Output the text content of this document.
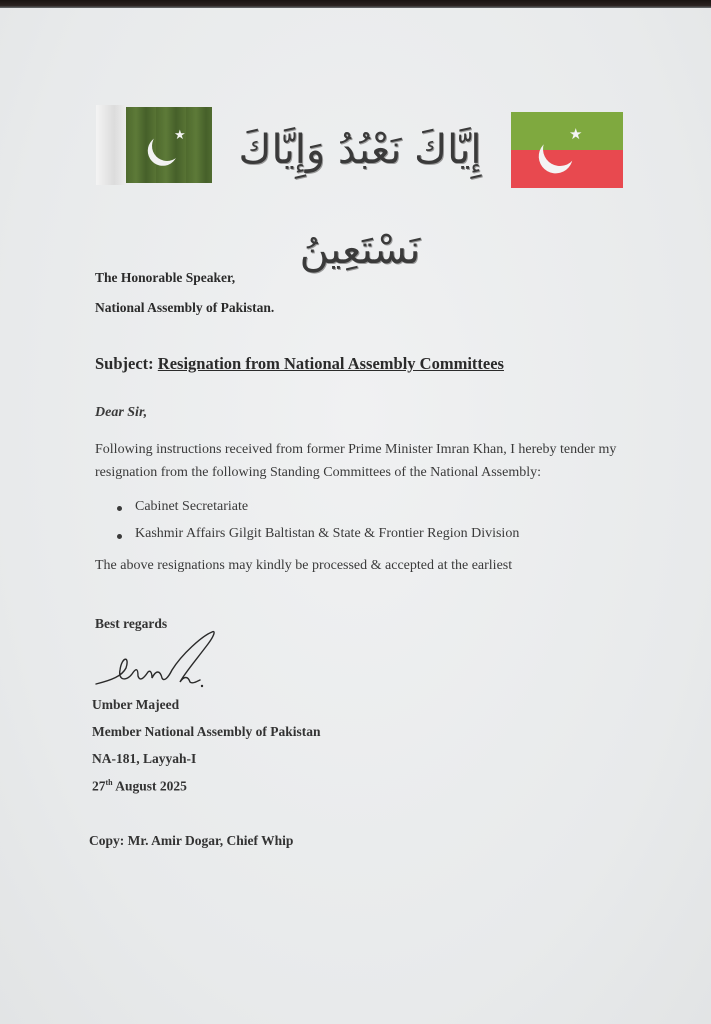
★	إِيَّاكَ نَعْبُدُ وَإِيَّاكَ نَسْتَعِينُ
★
The Honorable Speaker,
National Assembly of Pakistan.
Subject: Resignation from National Assembly Committees
Dear Sir,
Following instructions received from former Prime Minister Imran Khan, I hereby tender my
resignation from the following Standing Committees of the National Assembly:
Cabinet Secretariate
Kashmir Affairs Gilgit Baltistan & State & Frontier Region Division
The above resignations may kindly be processed & accepted at the earliest
Best regards
Umber Majeed
Member National Assembly of Pakistan
NA-181, Layyah-I
27th August 2025
Copy: Mr. Amir Dogar, Chief Whip
